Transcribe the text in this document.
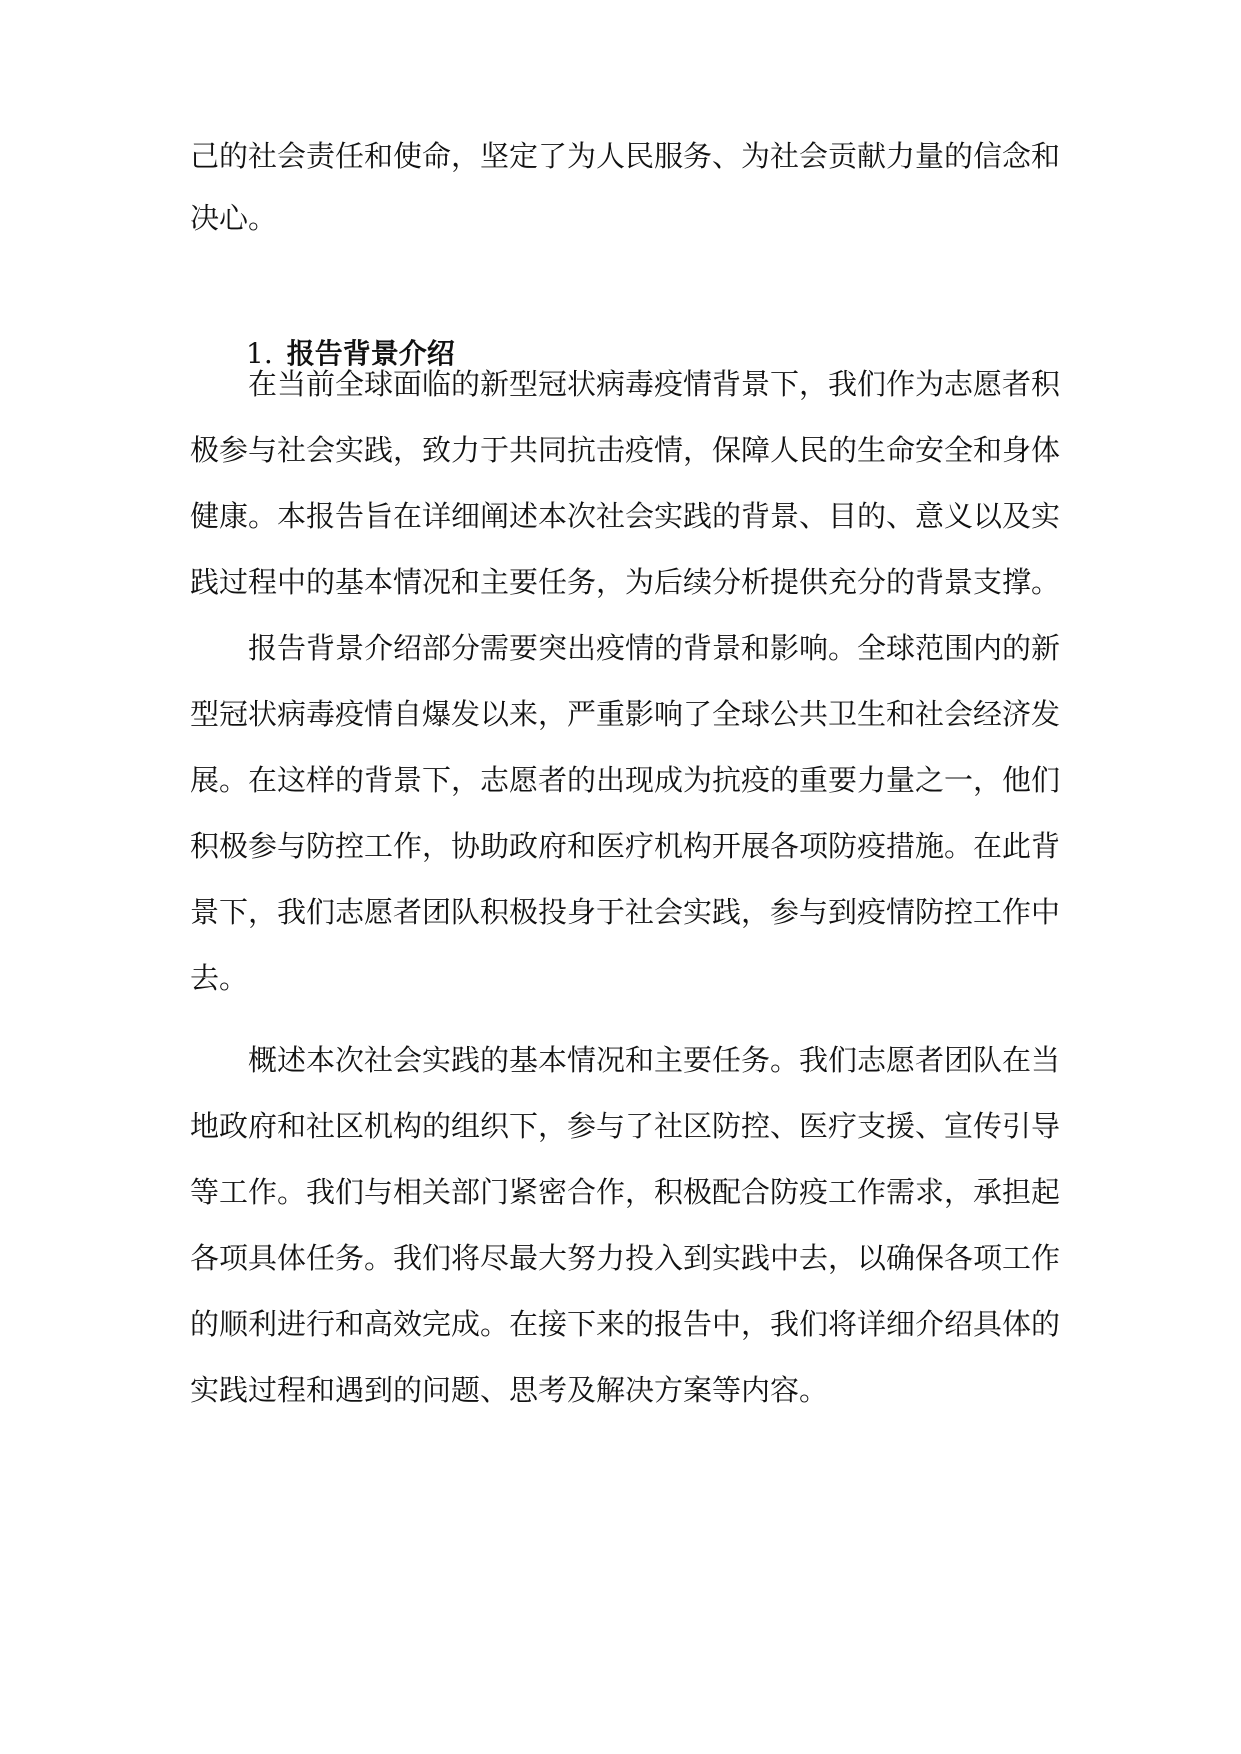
己的社会责任和使命，坚定了为人民服务、为社会贡献力量的信念和

决心。

1. 报告背景介绍

在当前全球面临的新型冠状病毒疫情背景下，我们作为志愿者积

极参与社会实践，致力于共同抗击疫情，保障人民的生命安全和身体

健康。本报告旨在详细阐述本次社会实践的背景、目的、意义以及实

践过程中的基本情况和主要任务，为后续分析提供充分的背景支撑。

报告背景介绍部分需要突出疫情的背景和影响。全球范围内的新

型冠状病毒疫情自爆发以来，严重影响了全球公共卫生和社会经济发

展。在这样的背景下，志愿者的出现成为抗疫的重要力量之一，他们

积极参与防控工作，协助政府和医疗机构开展各项防疫措施。在此背

景下，我们志愿者团队积极投身于社会实践，参与到疫情防控工作中

去。

概述本次社会实践的基本情况和主要任务。我们志愿者团队在当

地政府和社区机构的组织下，参与了社区防控、医疗支援、宣传引导

等工作。我们与相关部门紧密合作，积极配合防疫工作需求，承担起

各项具体任务。我们将尽最大努力投入到实践中去，以确保各项工作

的顺利进行和高效完成。在接下来的报告中，我们将详细介绍具体的

实践过程和遇到的问题、思考及解决方案等内容。
